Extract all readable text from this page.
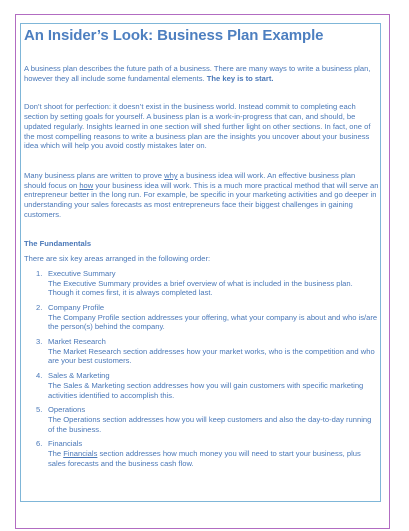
An Insider’s Look: Business Plan Example

A business plan describes the future path of a business. There are many ways to write a business plan, however they all include some fundamental elements. The key is to start.

Don’t shoot for perfection: it doesn’t exist in the business world. Instead commit to completing each section by setting goals for yourself. A business plan is a work-in-progress that can, and should, be updated regularly. Insights learned in one section will shed further light on other sections. In fact, one of the most compelling reasons to write a business plan are the insights you uncover about your business idea which will help you avoid costly mistakes later on.

Many business plans are written to prove why a business idea will work. An effective business plan should focus on how your business idea will work. This is a much more practical method that will serve an entrepreneur better in the long run. For example, be specific in your marketing activities and go deeper in understanding your sales forecasts as most entrepreneurs face their biggest challenges in gaining customers.

The Fundamentals

There are six key areas arranged in the following order:

1. Executive Summary
The Executive Summary provides a brief overview of what is included in the business plan. Though it comes first, it is always completed last.
2. Company Profile
The Company Profile section addresses your offering, what your company is about and who is/are the person(s) behind the company.
3. Market Research
The Market Research section addresses how your market works, who is the competition and who are your best customers.
4. Sales & Marketing
The Sales & Marketing section addresses how you will gain customers with specific marketing activities identified to accomplish this.
5. Operations
The Operations section addresses how you will keep customers and also the day-to-day running of the business.
6. Financials
The Financials section addresses how much money you will need to start your business, plus sales forecasts and the business cash flow.
